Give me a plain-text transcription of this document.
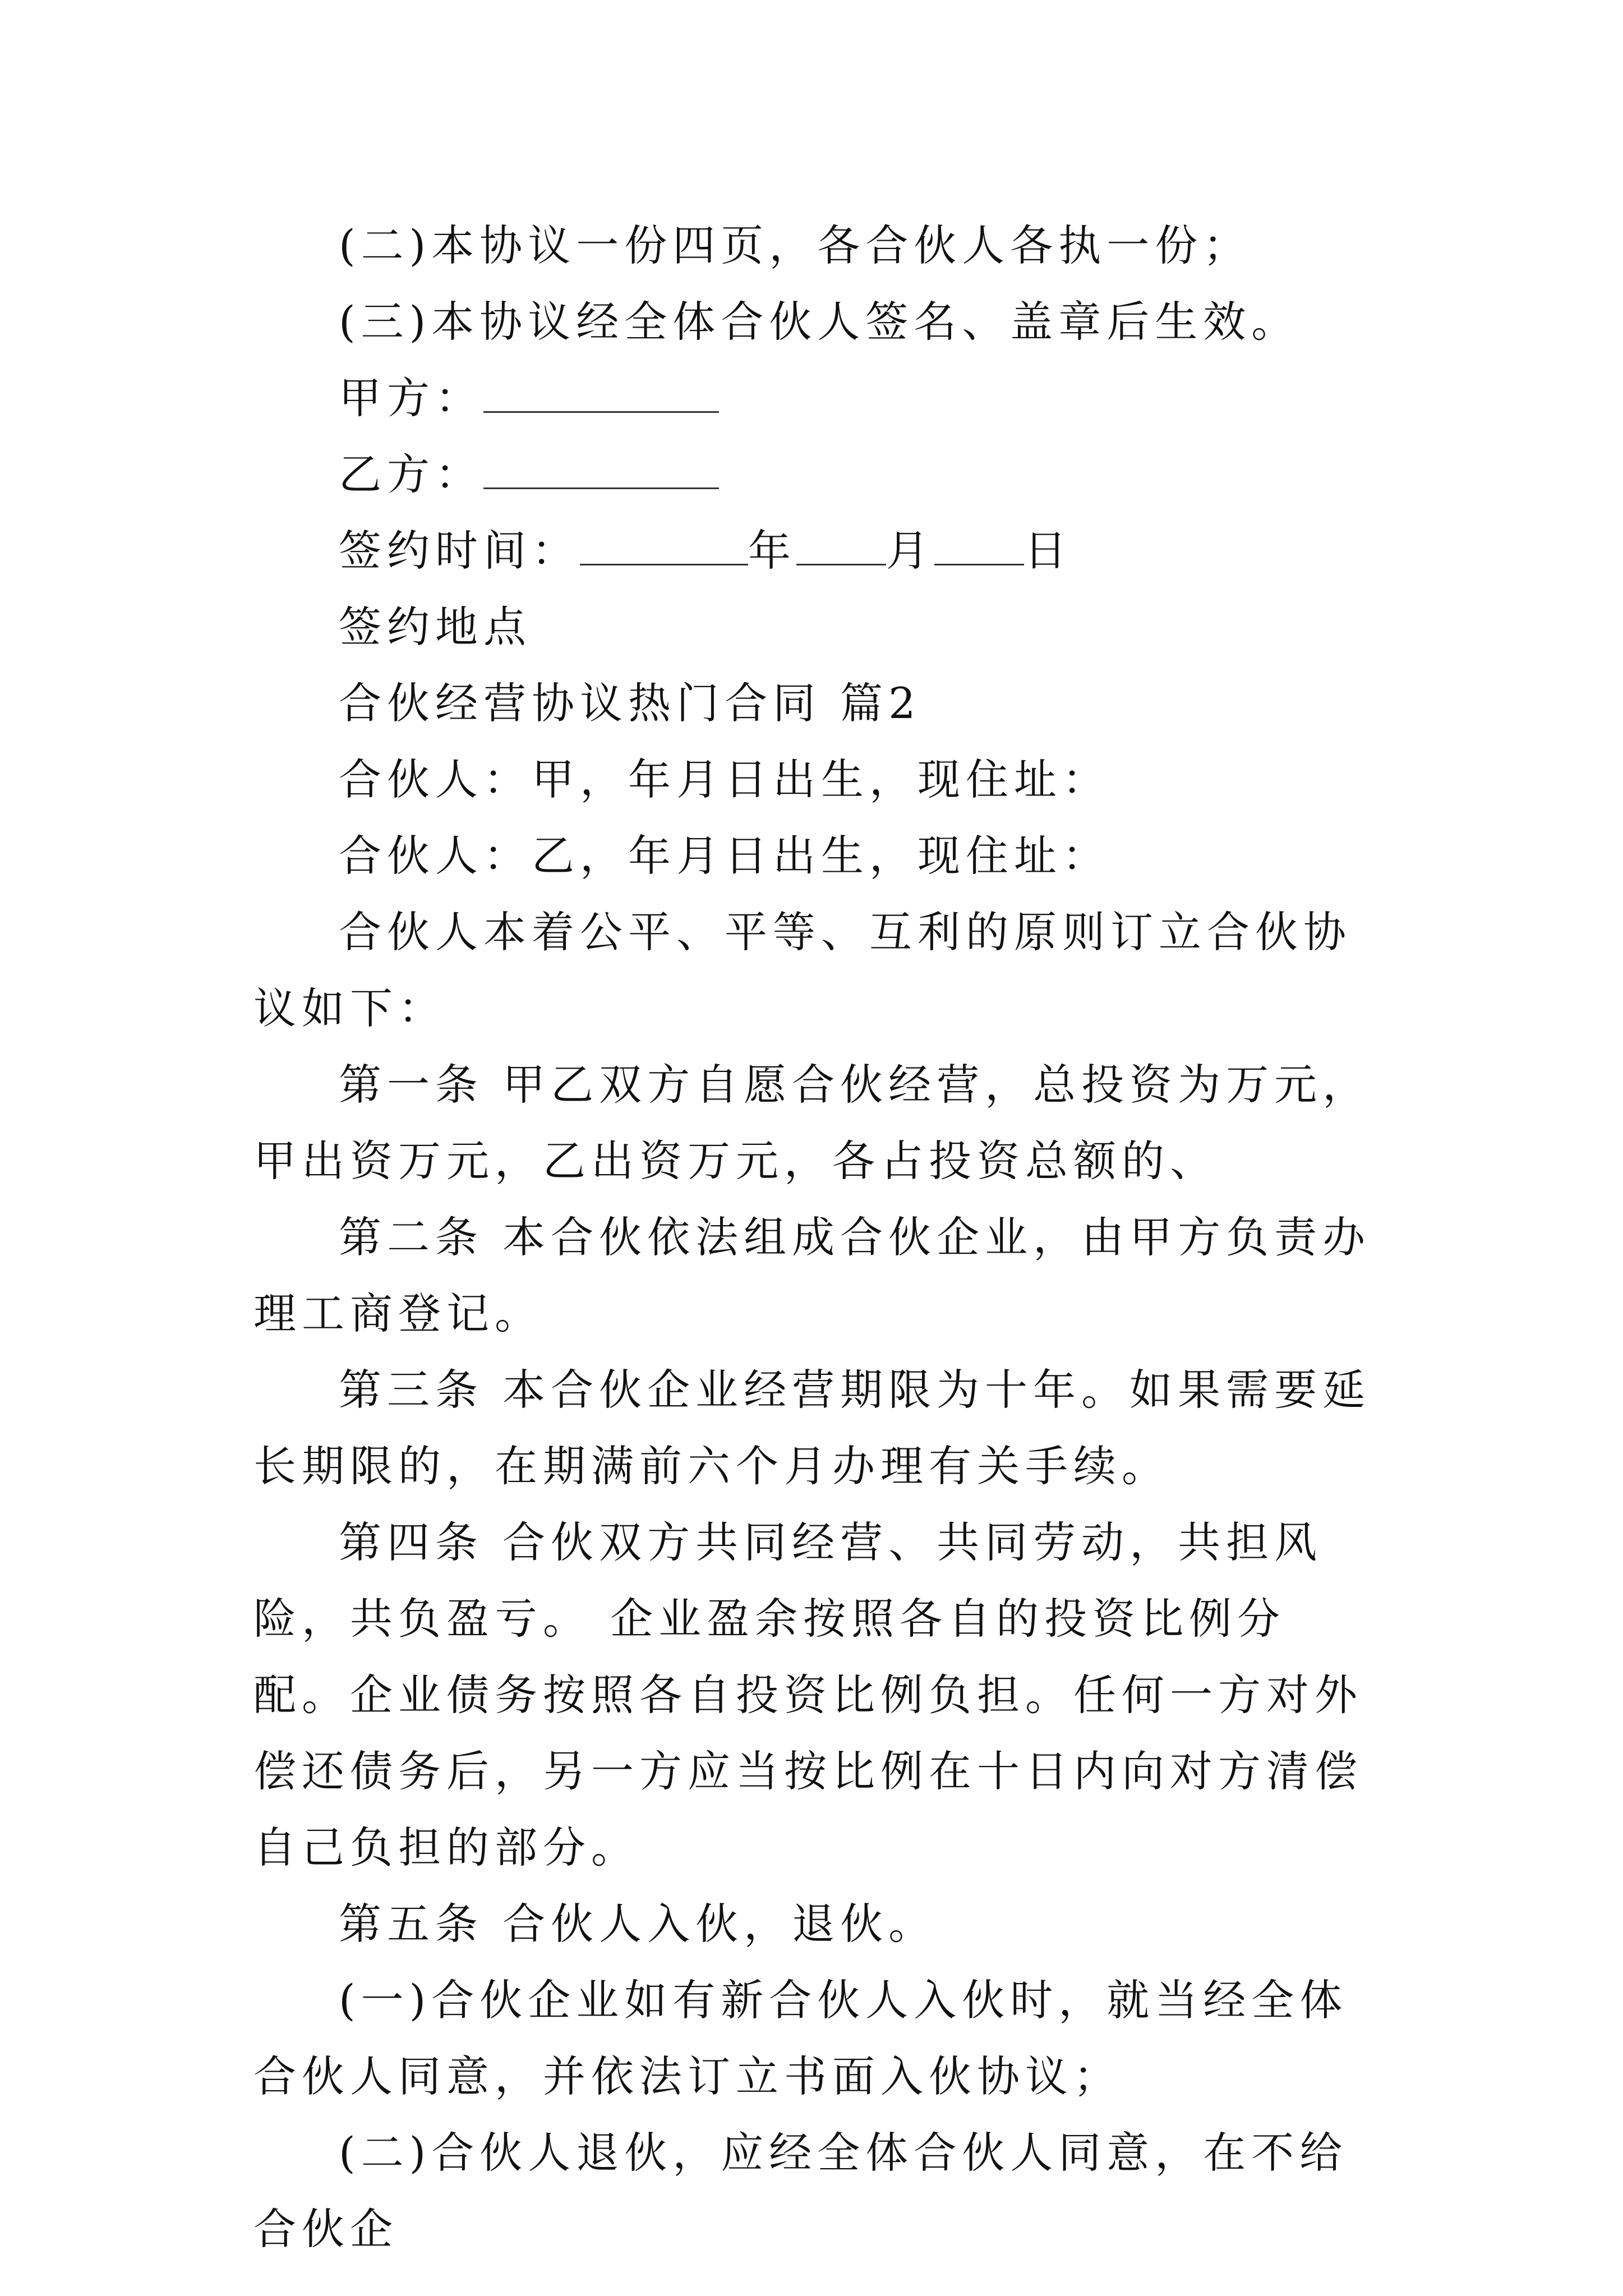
(二)本协议一份四页，各合伙人各执一份；

(三)本协议经全体合伙人签名、盖章后生效。

甲方：

乙方：

签约时间：	年 月 日

签约地点

合伙经营协议热门合同 篇2

合伙人：甲，年月日出生，现住址：

合伙人：乙，年月日出生，现住址：

合伙人本着公平、平等、互利的原则订立合伙协议如下：

第一条 甲乙双方自愿合伙经营，总投资为万元，甲出资万元，乙出资万元，各占投资总额的、

第二条 本合伙依法组成合伙企业，由甲方负责办理工商登记。

第三条 本合伙企业经营期限为十年。如果需要延长期限的，在期满前六个月办理有关手续。

第四条 合伙双方共同经营、共同劳动，共担风险，共负盈亏。 企业盈余按照各自的投资比例分配。企业债务按照各自投资比例负担。任何一方对外偿还债务后，另一方应当按比例在十日内向对方清偿自己负担的部分。

第五条 合伙人入伙，退伙。

(一)合伙企业如有新合伙人入伙时，就当经全体合伙人同意，并依法订立书面入伙协议；

(二)合伙人退伙，应经全体合伙人同意，在不给合伙企
